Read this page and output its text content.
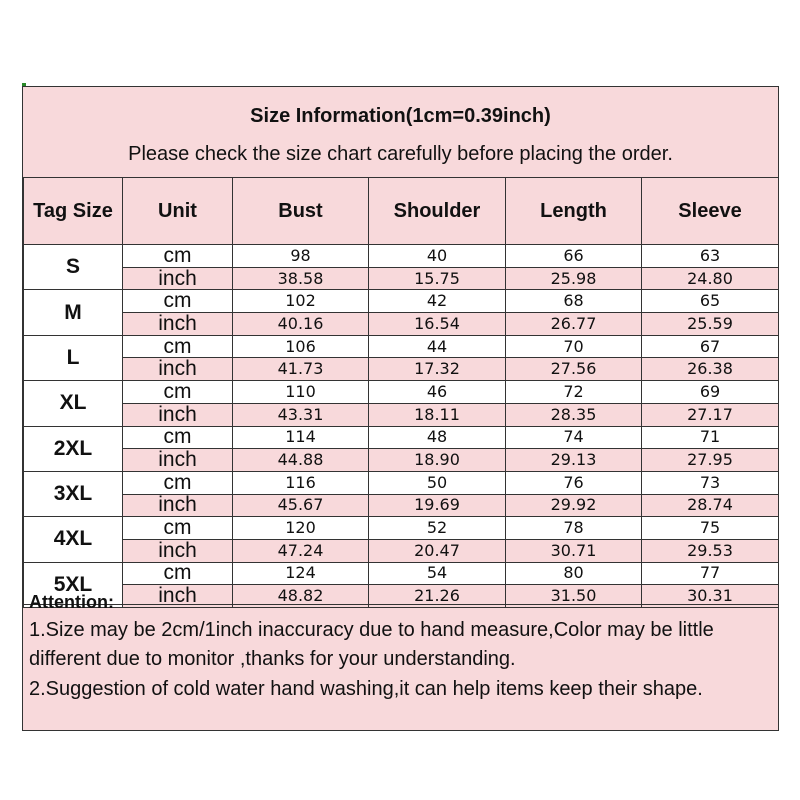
Size Information(1cm=0.39inch)
Please check the size chart carefully before placing the order.
Tag Size	Unit	Bust	Shoulder	Length	Sleeve
S	cm	98	40	66	63
	inch	38.58	15.75	25.98	24.80
M	cm	102	42	68	65
	inch	40.16	16.54	26.77	25.59
L	cm	106	44	70	67
	inch	41.73	17.32	27.56	26.38
XL	cm	110	46	72	69
	inch	43.31	18.11	28.35	27.17
2XL	cm	114	48	74	71
	inch	44.88	18.90	29.13	27.95
3XL	cm	116	50	76	73
	inch	45.67	19.69	29.92	28.74
4XL	cm	120	52	78	75
	inch	47.24	20.47	30.71	29.53
5XL	cm	124	54	80	77
	inch	48.82	21.26	31.50	30.31
Attention:
1.Size may be 2cm/1inch inaccuracy due to hand measure,Color may be little different due to monitor ,thanks for your understanding.
2.Suggestion of cold water hand washing,it can help items keep their shape.
